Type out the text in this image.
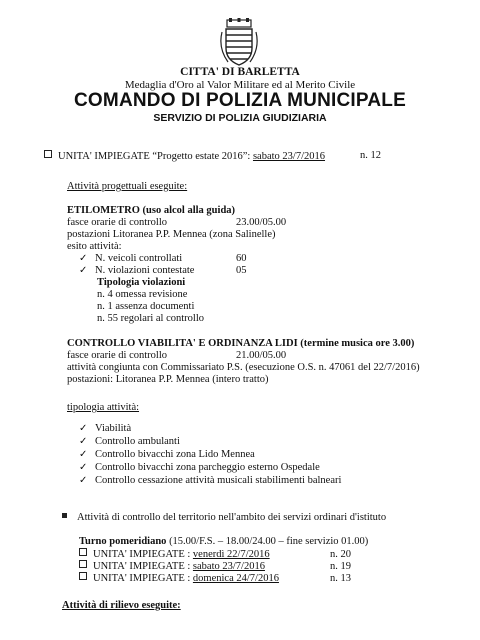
CITTA' DI BARLETTA
Medaglia d'Oro al Valor Militare ed al Merito Civile
COMANDO DI POLIZIA MUNICIPALE
SERVIZIO DI POLIZIA GIUDIZIARIA
UNITA' IMPIEGATE “Progetto estate 2016”: sabato 23/7/2016	n. 12
Attività progettuali eseguite:
ETILOMETRO (uso alcol alla guida)
fasce orarie di controllo	23.00/05.00
postazioni Litoranea P.P. Mennea (zona Salinelle)
esito attività:
✓ N. veicoli controllati	60
✓ N. violazioni contestate	05
Tipologia violazioni
n. 4 omessa revisione
n. 1 assenza documenti
n. 55 regolari al controllo
CONTROLLO VIABILITA' E ORDINANZA LIDI (termine musica ore 3.00)
fasce orarie di controllo	21.00/05.00
attività congiunta con Commissariato P.S. (esecuzione O.S. n. 47061 del 22/7/2016)
postazioni: Litoranea P.P. Mennea (intero tratto)
tipologia attività:
✓ Viabilità
✓ Controllo ambulanti
✓ Controllo bivacchi zona Lido Mennea
✓ Controllo bivacchi zona parcheggio esterno Ospedale
✓ Controllo cessazione attività musicali stabilimenti balneari
Attività di controllo del territorio nell'ambito dei servizi ordinari d'istituto
Turno pomeridiano (15.00/F.S. – 18.00/24.00 – fine servizio 01.00)
UNITA' IMPIEGATE : venerdì 22/7/2016	n. 20
UNITA' IMPIEGATE : sabato 23/7/2016	n. 19
UNITA' IMPIEGATE : domenica 24/7/2016	n. 13
Attività di rilievo eseguite:
